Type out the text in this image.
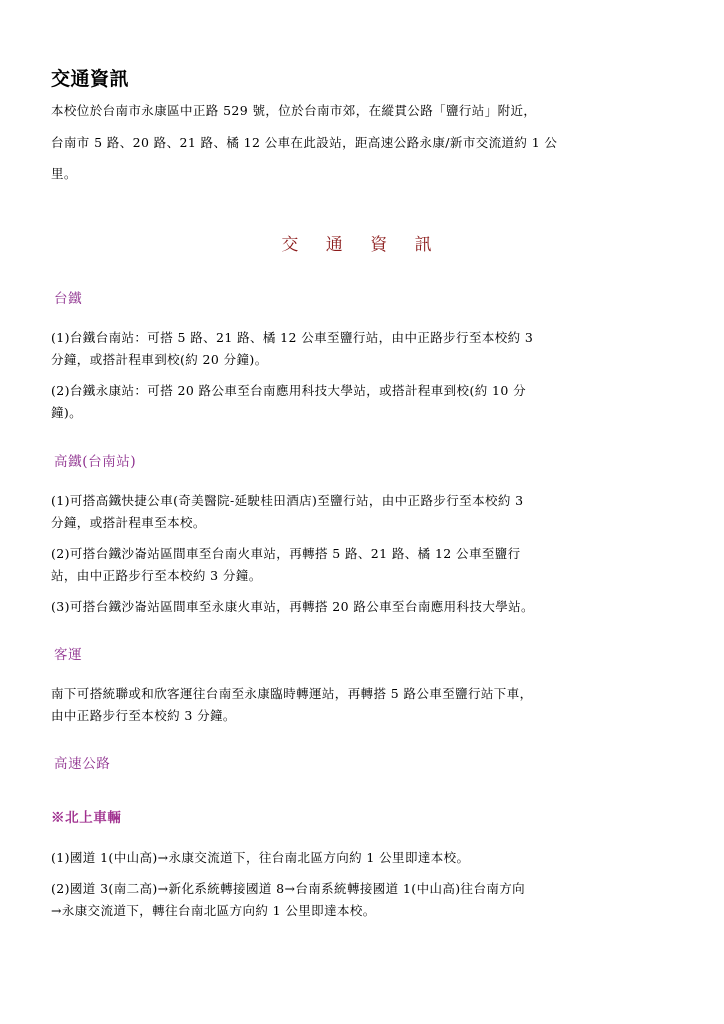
交通資訊
本校位於台南市永康區中正路 529 號，位於台南市郊，在縱貫公路「鹽行站」附近，
台南市 5 路、20 路、21 路、橘 12 公車在此設站，距高速公路永康/新市交流道約 1 公
里。
交 通 資 訊
台鐵
(1)台鐵台南站：可搭 5 路、21 路、橘 12 公車至鹽行站，由中正路步行至本校約 3
分鐘，或搭計程車到校(約 20 分鐘)。
(2)台鐵永康站：可搭 20 路公車至台南應用科技大學站，或搭計程車到校(約 10 分
鐘)。
高鐵(台南站)
(1)可搭高鐵快捷公車(奇美醫院-延駛桂田酒店)至鹽行站，由中正路步行至本校約 3
分鐘，或搭計程車至本校。
(2)可搭台鐵沙崙站區間車至台南火車站，再轉搭 5 路、21 路、橘 12 公車至鹽行
站，由中正路步行至本校約 3 分鐘。
(3)可搭台鐵沙崙站區間車至永康火車站，再轉搭 20 路公車至台南應用科技大學站。
客運
南下可搭統聯或和欣客運往台南至永康臨時轉運站，再轉搭 5 路公車至鹽行站下車，
由中正路步行至本校約 3 分鐘。
高速公路
※北上車輛
(1)國道 1(中山高)→永康交流道下，往台南北區方向約 1 公里即達本校。
(2)國道 3(南二高)→新化系統轉接國道 8→台南系統轉接國道 1(中山高)往台南方向
→永康交流道下，轉往台南北區方向約 1 公里即達本校。
